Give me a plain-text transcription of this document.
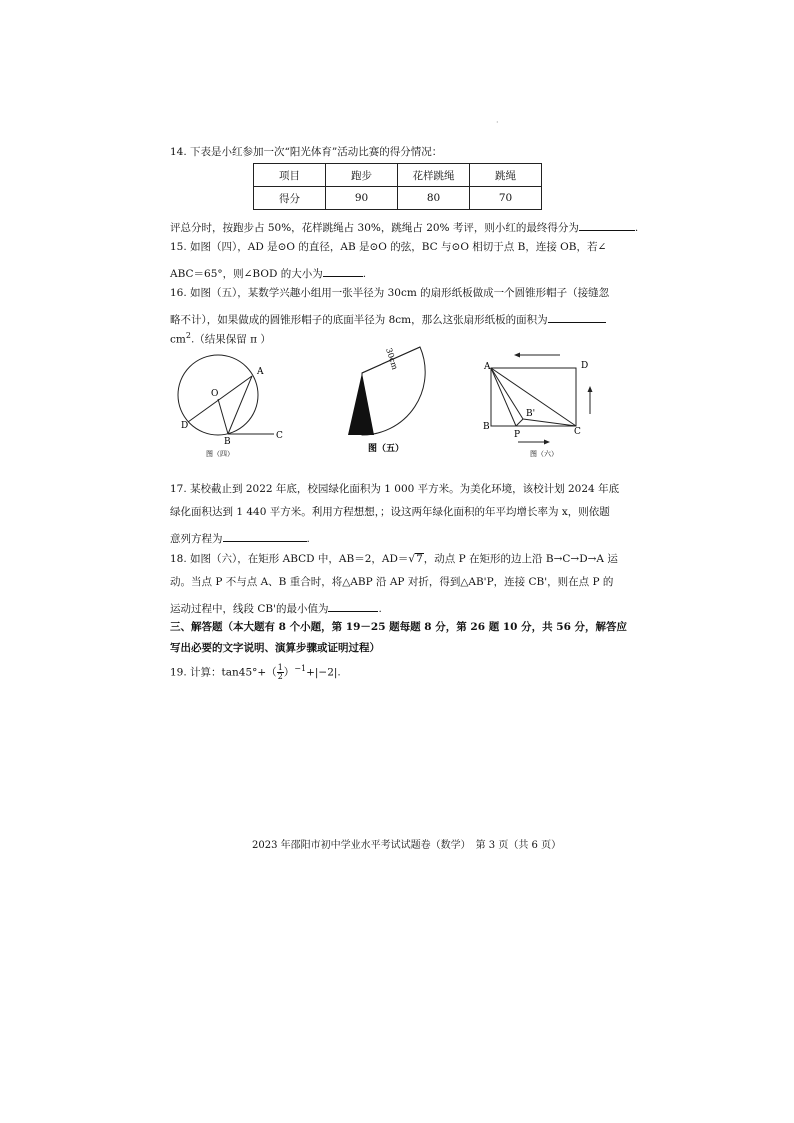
·
14. 下表是小红参加一次“阳光体育”活动比赛的得分情况：
项目	跑步	花样跳绳	跳绳
得分	90	80	70
评总分时，按跑步占 50%，花样跳绳占 30%，跳绳占 20% 考评，则小红的最终得分为	.
15. 如图（四），AD 是⊙O 的直径，AB 是⊙O 的弦，BC 与⊙O 相切于点 B，连接 OB，若∠
ABC＝65°，则∠BOD 的大小为	.
16. 如图（五），某数学兴趣小组用一张半径为 30cm 的扇形纸板做成一个圆锥形帽子（接缝忽
略不计），如果做成的圆锥形帽子的底面半径为 8cm，那么这张扇形纸板的面积为
$cm^2$.（结果保留 π ）
A
O
D
B
C
图（四）
30cm
图（五）
A	D
B
P
B'
C
图（六）
17. 某校截止到 2022 年底，校园绿化面积为 1 000 平方米。为美化环境，该校计划 2024 年底
绿化面积达到 1 440 平方米。利用方程想想，；设这两年绿化面积的年平均增长率为 x，则依题
意列方程为	.
18. 如图（六），在矩形 ABCD 中，AB＝2，AD＝√7，动点 P 在矩形的边上沿 B→C→D→A 运
动。当点 P 不与点 A、B 重合时，将△ABP 沿 AP 对折，得到△AB'P，连接 CB'，则在点 P 的
运动过程中，线段 CB'的最小值为	.
三、解答题（本大题有 8 个小题，第 19－25 题每题 8 分，第 26 题 10 分，共 56 分，解答应
写出必要的文字说明、演算步骤或证明过程）
19. 计算：$\tan 45^\circ+( \frac{1}{2} )^{-1}+|-2|$.
2023 年邵阳市初中学业水平考试试题卷（数学）　第 3 页（共 6 页）
